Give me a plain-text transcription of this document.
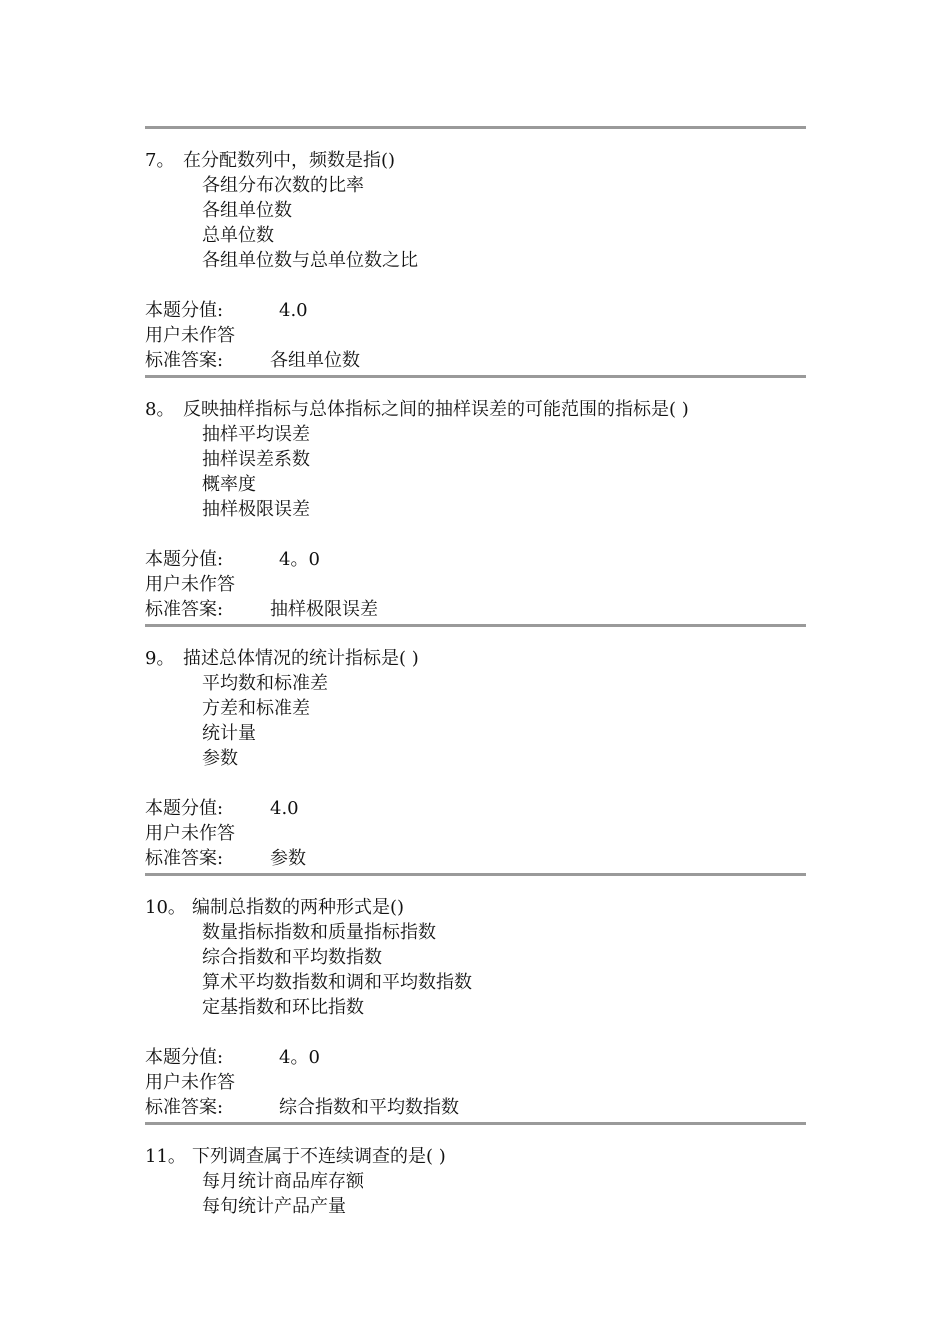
7。 在分配数列中，频数是指()
各组分布次数的比率
各组单位数
总单位数
各组单位数与总单位数之比
本题分值:	4.0
用户未作答
标准答案:	各组单位数
8。 反映抽样指标与总体指标之间的抽样误差的可能范围的指标是( )
抽样平均误差
抽样误差系数
概率度
抽样极限误差
本题分值:	4。0
用户未作答
标准答案:	抽样极限误差
9。 描述总体情况的统计指标是( )
平均数和标准差
方差和标准差
统计量
参数
本题分值:	4.0
用户未作答
标准答案:	参数
10。 编制总指数的两种形式是()
数量指标指数和质量指标指数
综合指数和平均数指数
算术平均数指数和调和平均数指数
定基指数和环比指数
本题分值:	4。0
用户未作答
标准答案:	综合指数和平均数指数
11。 下列调查属于不连续调查的是( )
每月统计商品库存额
每旬统计产品产量
